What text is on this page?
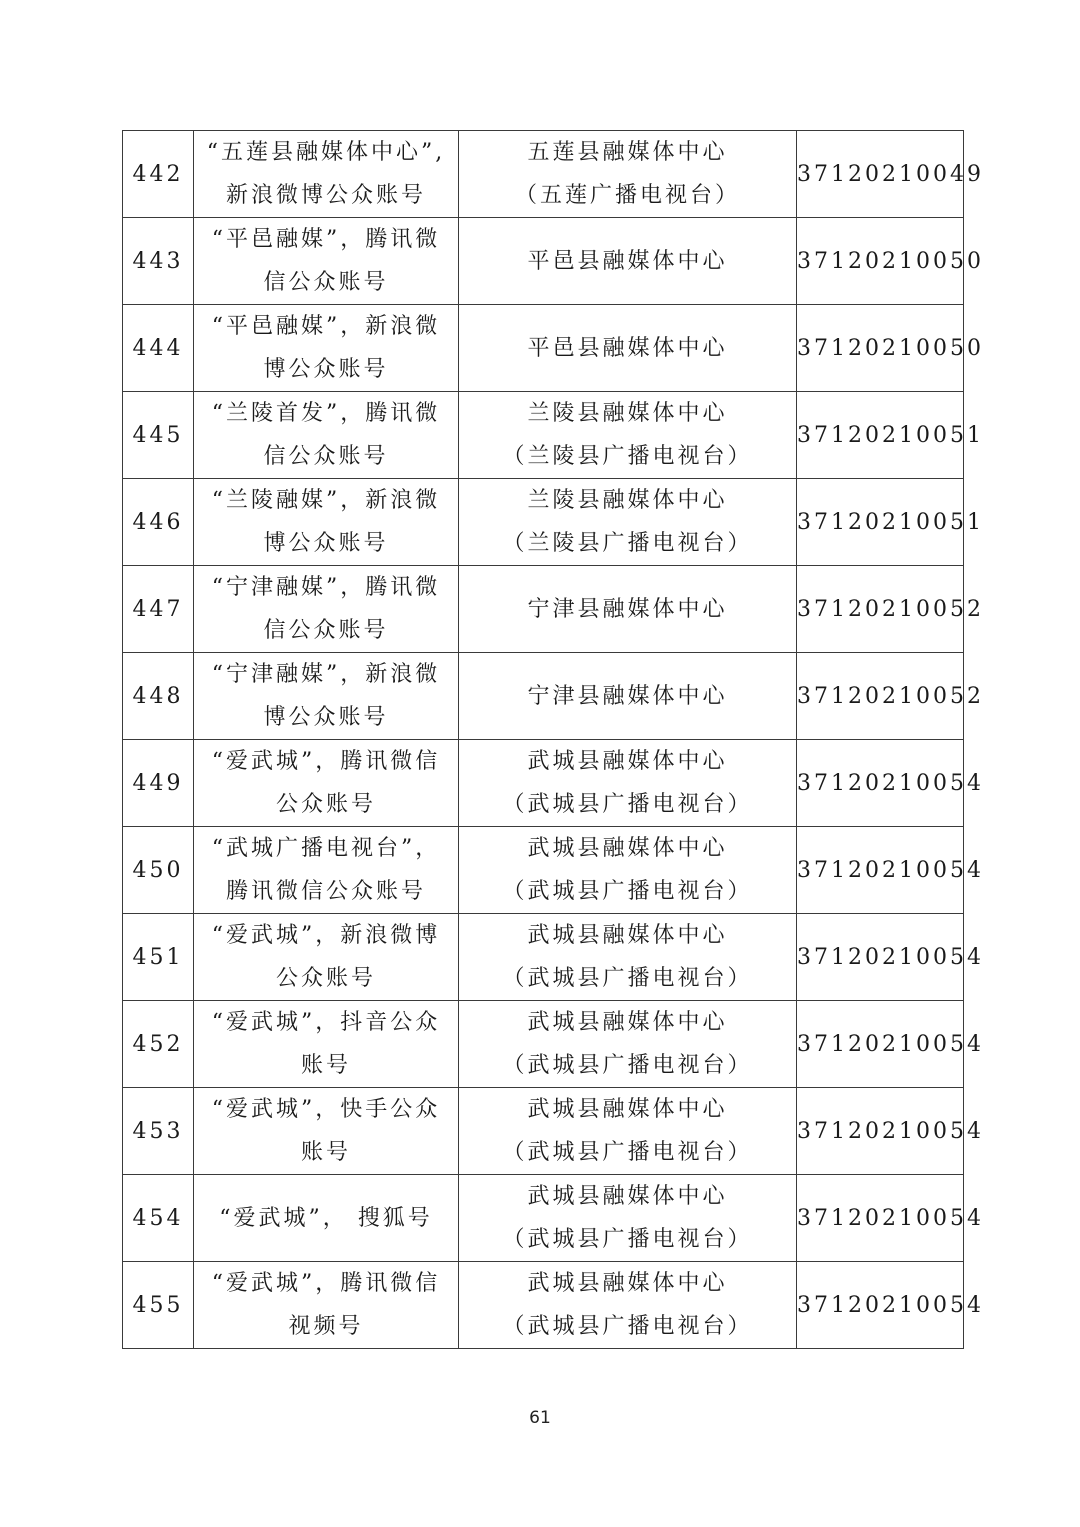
442	“五莲县融媒体中心”,
新浪微博公众账号	五莲县融媒体中心
（五莲广播电视台）	37120210049
443	“平邑融媒”，腾讯微
信公众账号	平邑县融媒体中心	37120210050
444	“平邑融媒”，新浪微
博公众账号	平邑县融媒体中心	37120210050
445	“兰陵首发”，腾讯微
信公众账号	兰陵县融媒体中心
（兰陵县广播电视台）	37120210051
446	“兰陵融媒”，新浪微
博公众账号	兰陵县融媒体中心
（兰陵县广播电视台）	37120210051
447	“宁津融媒”，腾讯微
信公众账号	宁津县融媒体中心	37120210052
448	“宁津融媒”，新浪微
博公众账号	宁津县融媒体中心	37120210052
449	“爱武城”，腾讯微信
公众账号	武城县融媒体中心
（武城县广播电视台）	37120210054
450	“武城广播电视台”，
腾讯微信公众账号	武城县融媒体中心
（武城县广播电视台）	37120210054
451	“爱武城”，新浪微博
公众账号	武城县融媒体中心
（武城县广播电视台）	37120210054
452	“爱武城”，抖音公众
账号	武城县融媒体中心
（武城县广播电视台）	37120210054
453	“爱武城”，快手公众
账号	武城县融媒体中心
（武城县广播电视台）	37120210054
454	“爱武城”， 搜狐号	武城县融媒体中心
（武城县广播电视台）	37120210054
455	“爱武城”，腾讯微信
视频号	武城县融媒体中心
（武城县广播电视台）	37120210054
61
